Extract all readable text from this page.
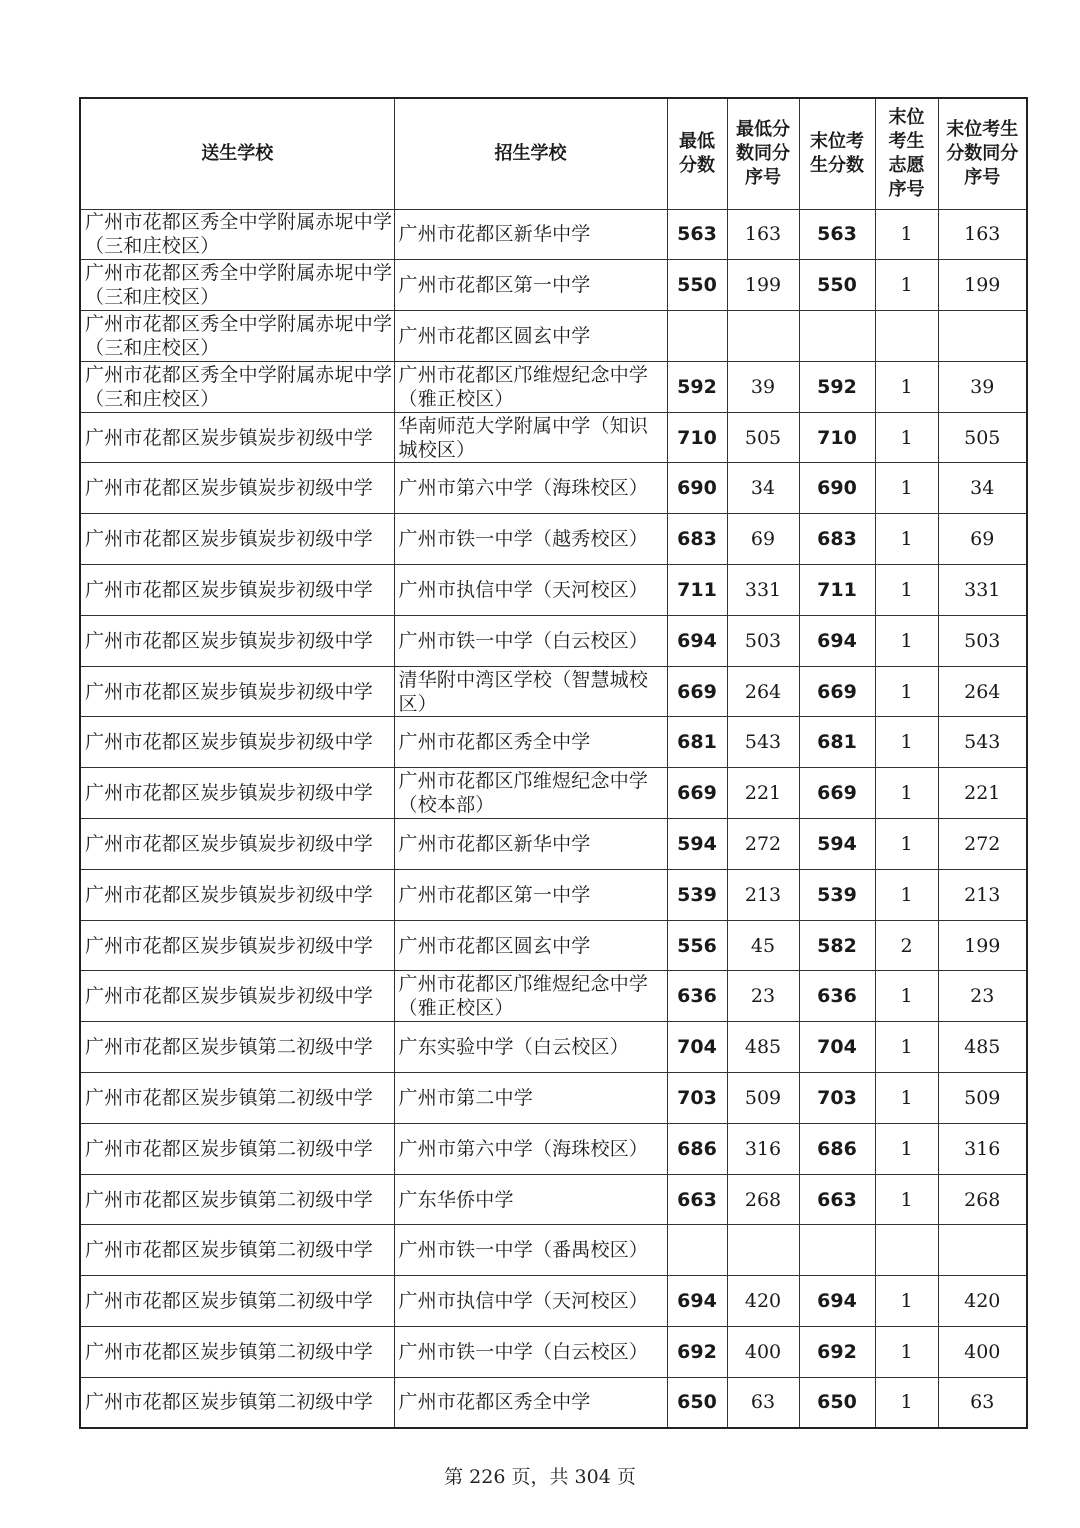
送生学校	招生学校	最低分数	最低分数同分序号	末位考生分数	末位考生志愿序号	末位考生分数同分序号

广州市花都区秀全中学附属赤坭中学（三和庄校区）	广州市花都区新华中学	563	163	563	1	163
广州市花都区秀全中学附属赤坭中学（三和庄校区）	广州市花都区第一中学	550	199	550	1	199
广州市花都区秀全中学附属赤坭中学（三和庄校区）	广州市花都区圆玄中学					
广州市花都区秀全中学附属赤坭中学（三和庄校区）	广州市花都区邝维煜纪念中学（雅正校区）	592	39	592	1	39
广州市花都区炭步镇炭步初级中学	华南师范大学附属中学（知识城校区）	710	505	710	1	505
广州市花都区炭步镇炭步初级中学	广州市第六中学（海珠校区）	690	34	690	1	34
广州市花都区炭步镇炭步初级中学	广州市铁一中学（越秀校区）	683	69	683	1	69
广州市花都区炭步镇炭步初级中学	广州市执信中学（天河校区）	711	331	711	1	331
广州市花都区炭步镇炭步初级中学	广州市铁一中学（白云校区）	694	503	694	1	503
广州市花都区炭步镇炭步初级中学	清华附中湾区学校（智慧城校区）	669	264	669	1	264
广州市花都区炭步镇炭步初级中学	广州市花都区秀全中学	681	543	681	1	543
广州市花都区炭步镇炭步初级中学	广州市花都区邝维煜纪念中学（校本部）	669	221	669	1	221
广州市花都区炭步镇炭步初级中学	广州市花都区新华中学	594	272	594	1	272
广州市花都区炭步镇炭步初级中学	广州市花都区第一中学	539	213	539	1	213
广州市花都区炭步镇炭步初级中学	广州市花都区圆玄中学	556	45	582	2	199
广州市花都区炭步镇炭步初级中学	广州市花都区邝维煜纪念中学（雅正校区）	636	23	636	1	23
广州市花都区炭步镇第二初级中学	广东实验中学（白云校区）	704	485	704	1	485
广州市花都区炭步镇第二初级中学	广州市第二中学	703	509	703	1	509
广州市花都区炭步镇第二初级中学	广州市第六中学（海珠校区）	686	316	686	1	316
广州市花都区炭步镇第二初级中学	广东华侨中学	663	268	663	1	268
广州市花都区炭步镇第二初级中学	广州市铁一中学（番禺校区）					
广州市花都区炭步镇第二初级中学	广州市执信中学（天河校区）	694	420	694	1	420
广州市花都区炭步镇第二初级中学	广州市铁一中学（白云校区）	692	400	692	1	400
广州市花都区炭步镇第二初级中学	广州市花都区秀全中学	650	63	650	1	63
第 226 页，共 304 页
